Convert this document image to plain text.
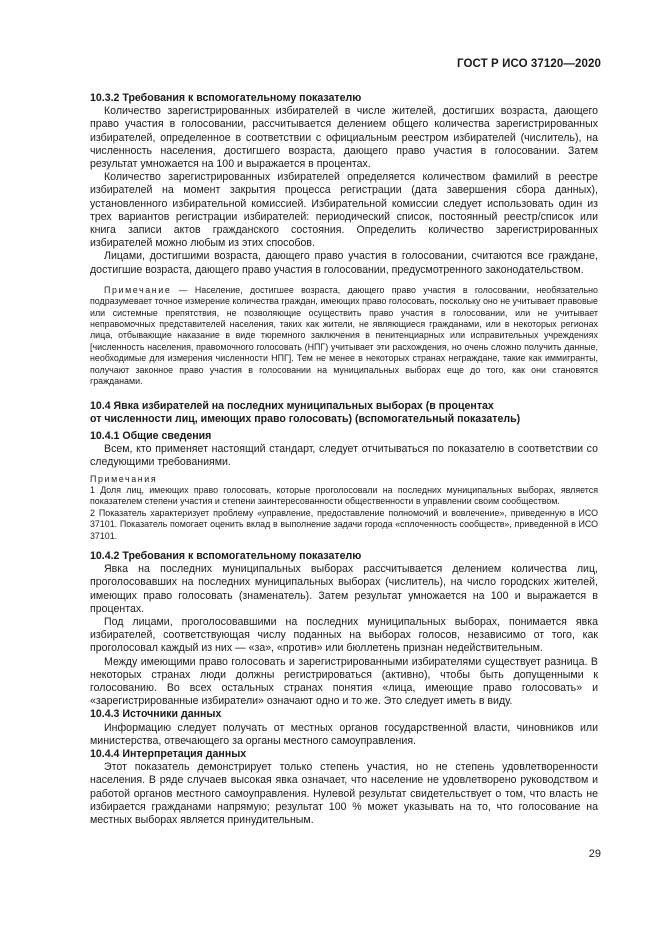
ГОСТ Р ИСО 37120—2020

10.3.2 Требования к вспомогательному показателю

Количество зарегистрированных избирателей в числе жителей, достигших возраста, дающего право участия в голосовании, рассчитывается делением общего количества зарегистрированных избирателей, определенное в соответствии с официальным реестром избирателей (числитель), на численность населения, достигшего возраста, дающего право участия в голосовании. Затем результат умножается на 100 и выражается в процентах.

Количество зарегистрированных избирателей определяется количеством фамилий в реестре избирателей на момент закрытия процесса регистрации (дата завершения сбора данных), установленного избирательной комиссией. Избирательной комиссии следует использовать один из трех вариантов регистрации избирателей: периодический список, постоянный реестр/список или книга записи актов гражданского состояния. Определить количество зарегистрированных избирателей можно любым из этих способов.

Лицами, достигшими возраста, дающего право участия в голосовании, считаются все граждане, достигшие возраста, дающего право участия в голосовании, предусмотренного законодательством.

Примечание — Население, достигшее возраста, дающего право участия в голосовании, необязательно подразумевает точное измерение количества граждан, имеющих право голосовать, поскольку оно не учитывает правовые или системные препятствия, не позволяющие осуществить право участия в голосовании, или не учитывает неправомочных представителей населения, таких как жители, не являющиеся гражданами, или в некоторых регионах лица, отбывающие наказание в виде тюремного заключения в пенитенциарных или исправительных учреждениях [численность населения, правомочного голосовать (НПГ) учитывает эти расхождения, но очень сложно получить данные, необходимые для измерения численности НПГ]. Тем не менее в некоторых странах неграждане, такие как иммигранты, получают законное право участия в голосовании на муниципальных выборах еще до того, как они становятся гражданами.

10.4 Явка избирателей на последних муниципальных выборах (в процентах
от численности лиц, имеющих право голосовать) (вспомогательный показатель)

10.4.1 Общие сведения

Всем, кто применяет настоящий стандарт, следует отчитываться по показателю в соответствии со следующими требованиями.

Примечания

1 Доля лиц, имеющих право голосовать, которые проголосовали на последних муниципальных выборах, является показателем степени участия и степени заинтересованности общественности в управлении своим сообществом.

2 Показатель характеризует проблему «управление, предоставление полномочий и вовлечение», приведенную в ИСО 37101. Показатель помогает оценить вклад в выполнение задачи города «сплоченность сообществ», приведенной в ИСО 37101.

10.4.2 Требования к вспомогательному показателю

Явка на последних муниципальных выборах рассчитывается делением количества лиц, проголосовавших на последних муниципальных выборах (числитель), на число городских жителей, имеющих право голосовать (знаменатель). Затем результат умножается на 100 и выражается в процентах.

Под лицами, проголосовавшими на последних муниципальных выборах, понимается явка избирателей, соответствующая числу поданных на выборах голосов, независимо от того, как проголосовал каждый из них — «за», «против» или бюллетень признан недействительным.

Между имеющими право голосовать и зарегистрированными избирателями существует разница. В некоторых странах люди должны регистрироваться (активно), чтобы быть допущенными к голосованию. Во всех остальных странах понятия «лица, имеющие право голосовать» и «зарегистрированные избиратели» означают одно и то же. Это следует иметь в виду.

10.4.3 Источники данных

Информацию следует получать от местных органов государственной власти, чиновников или министерства, отвечающего за органы местного самоуправления.

10.4.4 Интерпретация данных

Этот показатель демонстрирует только степень участия, но не степень удовлетворенности населения. В ряде случаев высокая явка означает, что население не удовлетворено руководством и работой органов местного самоуправления. Нулевой результат свидетельствует о том, что власть не избирается гражданами напрямую; результат 100 % может указывать на то, что голосование на местных выборах является принудительным.

29
